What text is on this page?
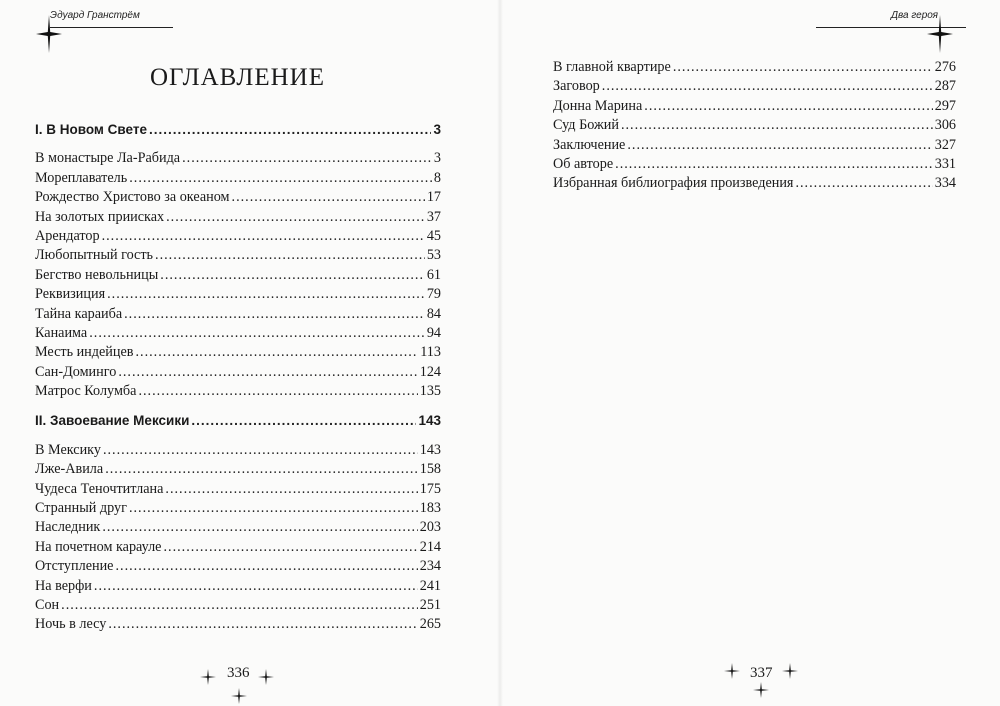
Эдуард Гранстрём
ОГЛАВЛЕНИЕ
I. В Новом Свете .....	3
В монастыре Ла-Рабида .....	3
Мореплаватель .....	8
Рождество Христово за океаном .....	17
На золотых приисках .....	37
Арендатор .....	45
Любопытный гость .....	53
Бегство невольницы .....	61
Реквизиция .....	79
Тайна караиба .....	84
Канаима .....	94
Месть индейцев .....	113
Сан-Доминго .....	124
Матрос Колумба .....	135
II. Завоевание Мексики .....	143
В Мексику .....	143
Лже-Авила .....	158
Чудеса Теночтитлана .....	175
Странный друг .....	183
Наследник .....	203
На почетном карауле .....	214
Отступление .....	234
На верфи .....	241
Сон .....	251
Ночь в лесу .....	265
336
Два героя
337
В главной квартире .....	276
Заговор .....	287
Донна Марина .....	297
Суд Божий .....	306
Заключение .....	327
Об авторе .....	331
Избранная библиография произведения .....	334
